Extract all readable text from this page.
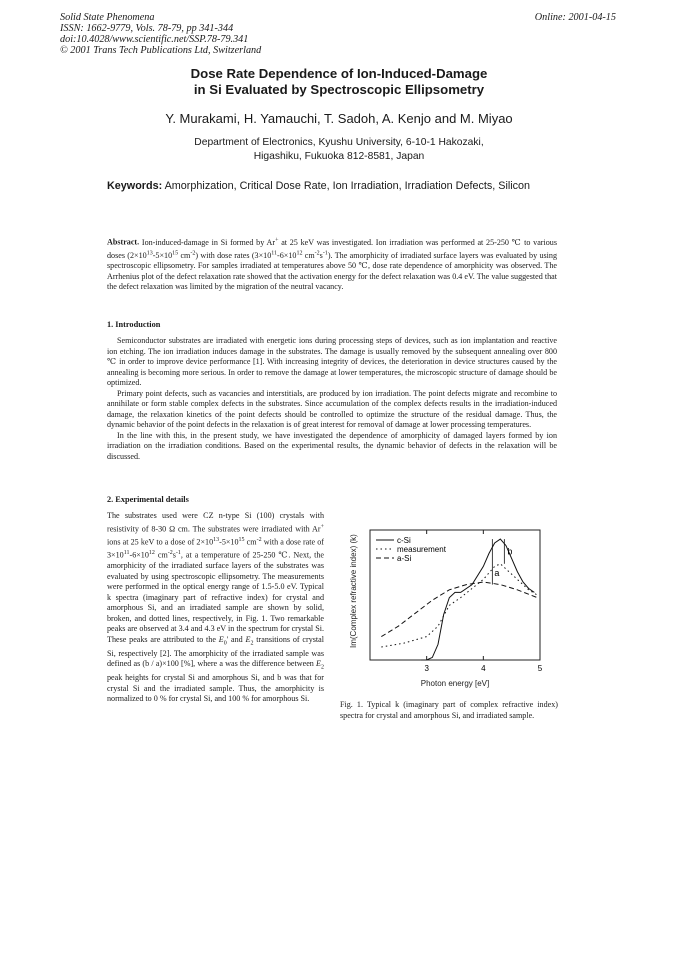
Solid State Phenomena
ISSN: 1662-9779, Vols. 78-79, pp 341-344
doi:10.4028/www.scientific.net/SSP.78-79.341
© 2001 Trans Tech Publications Ltd, Switzerland
Online: 2001-04-15
Dose Rate Dependence of Ion-Induced-Damage
in Si Evaluated by Spectroscopic Ellipsometry
Y. Murakami, H. Yamauchi, T. Sadoh, A. Kenjo and M. Miyao
Department of Electronics, Kyushu University, 6-10-1 Hakozaki,
Higashiku, Fukuoka 812-8581, Japan
Keywords: Amorphization, Critical Dose Rate, Ion Irradiation, Irradiation Defects, Silicon
Abstract. Ion-induced-damage in Si formed by Ar+ at 25 keV was investigated. Ion irradiation was performed at 25-250 ℃ to various doses ($2\times 10^{13}-5\times 10^{15}$ $cm^{-2}$) with dose rates ($3\times 10^{11}-6\times 10^{12}$ $cm^{-2}s^{-1}$). The amorphicity of irradiated surface layers was evaluated by using spectroscopic ellipsometry. For samples irradiated at temperatures above 50 ℃, dose rate dependence of amorphicity was observed. The Arrhenius plot of the defect relaxation rate showed that the activation energy for the defect relaxation was 0.4 eV. The value suggested that the defect relaxation was limited by the migration of the neutral vacancy.
1. Introduction

Semiconductor substrates are irradiated with energetic ions during processing steps of devices, such as ion implantation and reactive ion etching. The ion irradiation induces damage in the substrates. The damage is usually removed by the subsequent annealing over 800 ℃ in order to improve device performance [1]. With increasing integrity of devices, the deterioration in device structures caused by the annealing is becoming more serious. In order to remove the damage at lower temperatures, the microscopic structure of damage should be optimized.

Primary point defects, such as vacancies and interstitials, are produced by ion irradiation. The point defects migrate and recombine to annihilate or form stable complex defects in the substrates. Since accumulation of the complex defects results in the irradiation-induced damage, the relaxation kinetics of the point defects should be controlled to optimize the structure of the residual damage. Thus, the dynamic behavior of the point defects in the relaxation is of great interest for removal of damage at lower processing temperatures.

In the line with this, in the present study, we have investigated the dependence of amorphicity of damaged layers formed by ion irradiation on the irradiation conditions. Based on the experimental results, the dynamic behavior of defects in the relaxation will be discussed.

2. Experimental details
The substrates used were CZ n-type Si (100) crystals with resistivity of 8-30 Ω cm. The substrates were irradiated with Ar+ ions at 25 keV to a dose of $2\times 10^{13}-5\times 10^{15}$ $cm^{-2}$ with a dose rate of $3\times 10^{11}-6\times 10^{12}$ $cm^{-2}s^{-1}$, at a temperature of 25-250 ℃. Next, the amorphicity of the irradiated surface layers of the substrates was evaluated by using spectroscopic ellipsometry. The measurements were performed in the optical energy range of 1.5-5.0 eV. Typical k spectra (imaginary part of refractive index) for crystal and amorphous Si, and an irradiated sample are shown by solid, broken, and dotted lines, respectively, in Fig. 1. Two remarkable peaks are observed at 3.4 and 4.3 eV in the spectrum for crystal Si. These peaks are attributed to the $E_0'$ and $E_2$ transitions of crystal Si, respectively [2]. The amorphicity of the irradiated sample was defined as (b / a)×100 [%], where a was the difference between $E_2$ peak heights for crystal Si and amorphous Si, and b was that for crystal Si and the irradiated sample. Thus, the amorphicity is normalized to 0 % for crystal Si, and 100 % for amorphous Si.
3	4	5
a
b
c-Si
measurement
a-Si
Im(Complex refractive index) (k)
Photon energy [eV]
Fig. 1. Typical k (imaginary part of complex refractive index) spectra for crystal and amorphous Si, and irradiated sample.
